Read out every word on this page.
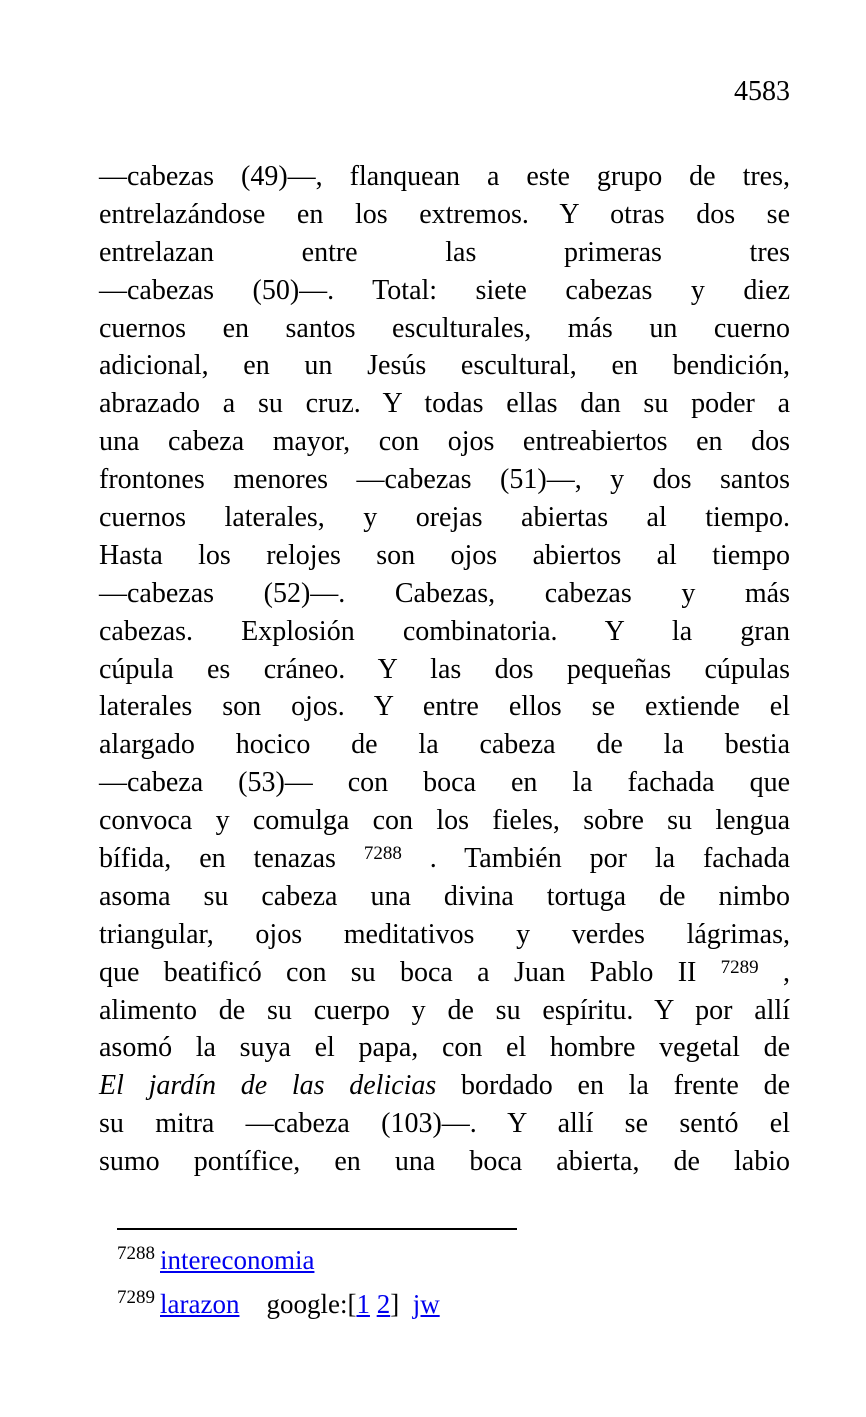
4583
—cabezas (49)—, flanquean a este grupo de tres,
entrelazándose en los extremos. Y otras dos se
entrelazan entre las primeras tres
—cabezas (50)—. Total: siete cabezas y diez
cuernos en santos esculturales, más un cuerno
adicional, en un Jesús escultural, en bendición,
abrazado a su cruz. Y todas ellas dan su poder a
una cabeza mayor, con ojos entreabiertos en dos
frontones menores —cabezas (51)—, y dos santos
cuernos laterales, y orejas abiertas al tiempo.
Hasta los relojes son ojos abiertos al tiempo
—cabezas (52)—. Cabezas, cabezas y más
cabezas. Explosión combinatoria. Y la gran
cúpula es cráneo. Y las dos pequeñas cúpulas
laterales son ojos. Y entre ellos se extiende el
alargado hocico de la cabeza de la bestia
—cabeza (53)— con boca en la fachada que
convoca y comulga con los fieles, sobre su lengua
bífida, en tenazas $^{7288}$ . También por la fachada
asoma su cabeza una divina tortuga de nimbo
triangular, ojos meditativos y verdes lágrimas,
que beatificó con su boca a Juan Pablo II $^{7289}$ ,
alimento de su cuerpo y de su espíritu. Y por allí
asomó la suya el papa, con el hombre vegetal de
El jardín de las delicias bordado en la frente de
su mitra —cabeza (103)—. Y allí se sentó el
sumo pontífice, en una boca abierta, de labio
$^{7288}$ intereconomia
$^{7289}$ larazon    google:[1 2]  jw
